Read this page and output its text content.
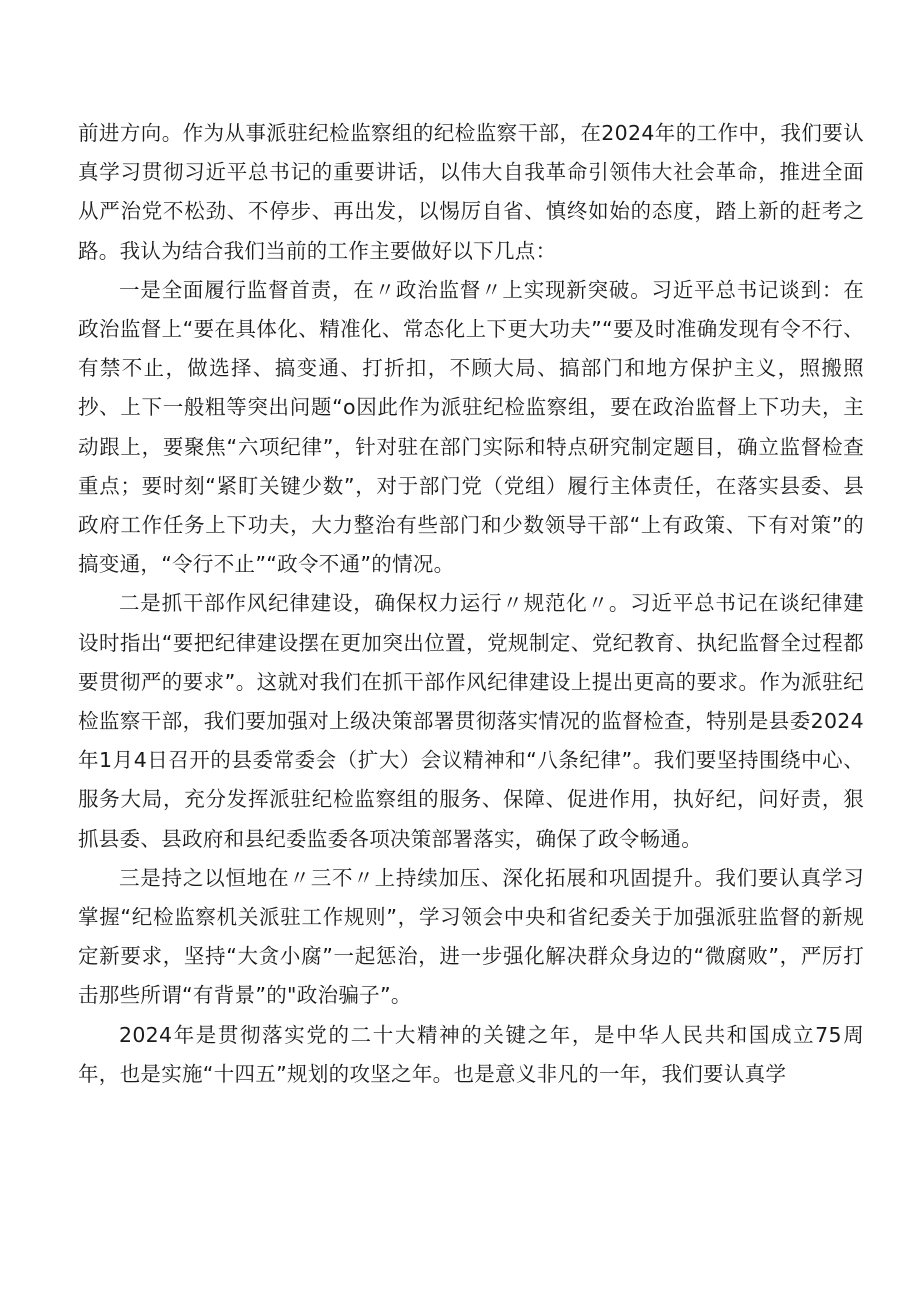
前进方向。作为从事派驻纪检监察组的纪检监察干部，在2024年的工作中，我们要认真学习贯彻习近平总书记的重要讲话，以伟大自我革命引领伟大社会革命，推进全面从严治党不松劲、不停步、再出发，以惕厉自省、慎终如始的态度，踏上新的赶考之路。我认为结合我们当前的工作主要做好以下几点：

一是全面履行监督首责，在〃政治监督〃上实现新突破。习近平总书记谈到：在政治监督上“要在具体化、精准化、常态化上下更大功夫”“要及时准确发现有令不行、有禁不止，做选择、搞变通、打折扣，不顾大局、搞部门和地方保护主义，照搬照抄、上下一般粗等突出问题“o因此作为派驻纪检监察组，要在政治监督上下功夫，主动跟上，要聚焦“六项纪律”，针对驻在部门实际和特点研究制定题目，确立监督检查重点；要时刻“紧盯关键少数”，对于部门党（党组）履行主体责任，在落实县委、县政府工作任务上下功夫，大力整治有些部门和少数领导干部“上有政策、下有对策”的搞变通，“令行不止”“政令不通”的情况。

二是抓干部作风纪律建设，确保权力运行〃规范化〃。习近平总书记在谈纪律建设时指出“要把纪律建设摆在更加突出位置，党规制定、党纪教育、执纪监督全过程都要贯彻严的要求”。这就对我们在抓干部作风纪律建设上提出更高的要求。作为派驻纪检监察干部，我们要加强对上级决策部署贯彻落实情况的监督检查，特别是县委2024年1月4日召开的县委常委会（扩大）会议精神和“八条纪律”。我们要坚持围绕中心、服务大局，充分发挥派驻纪检监察组的服务、保障、促进作用，执好纪，问好责，狠抓县委、县政府和县纪委监委各项决策部署落实，确保了政令畅通。

三是持之以恒地在〃三不〃上持续加压、深化拓展和巩固提升。我们要认真学习掌握“纪检监察机关派驻工作规则”，学习领会中央和省纪委关于加强派驻监督的新规定新要求，坚持“大贪小腐”一起惩治，进一步强化解决群众身边的“微腐败”，严厉打击那些所谓“有背景”的"政治骗子”。

2024年是贯彻落实党的二十大精神的关键之年，是中华人民共和国成立75周年，也是实施“十四五”规划的攻坚之年。也是意义非凡的一年，我们要认真学
